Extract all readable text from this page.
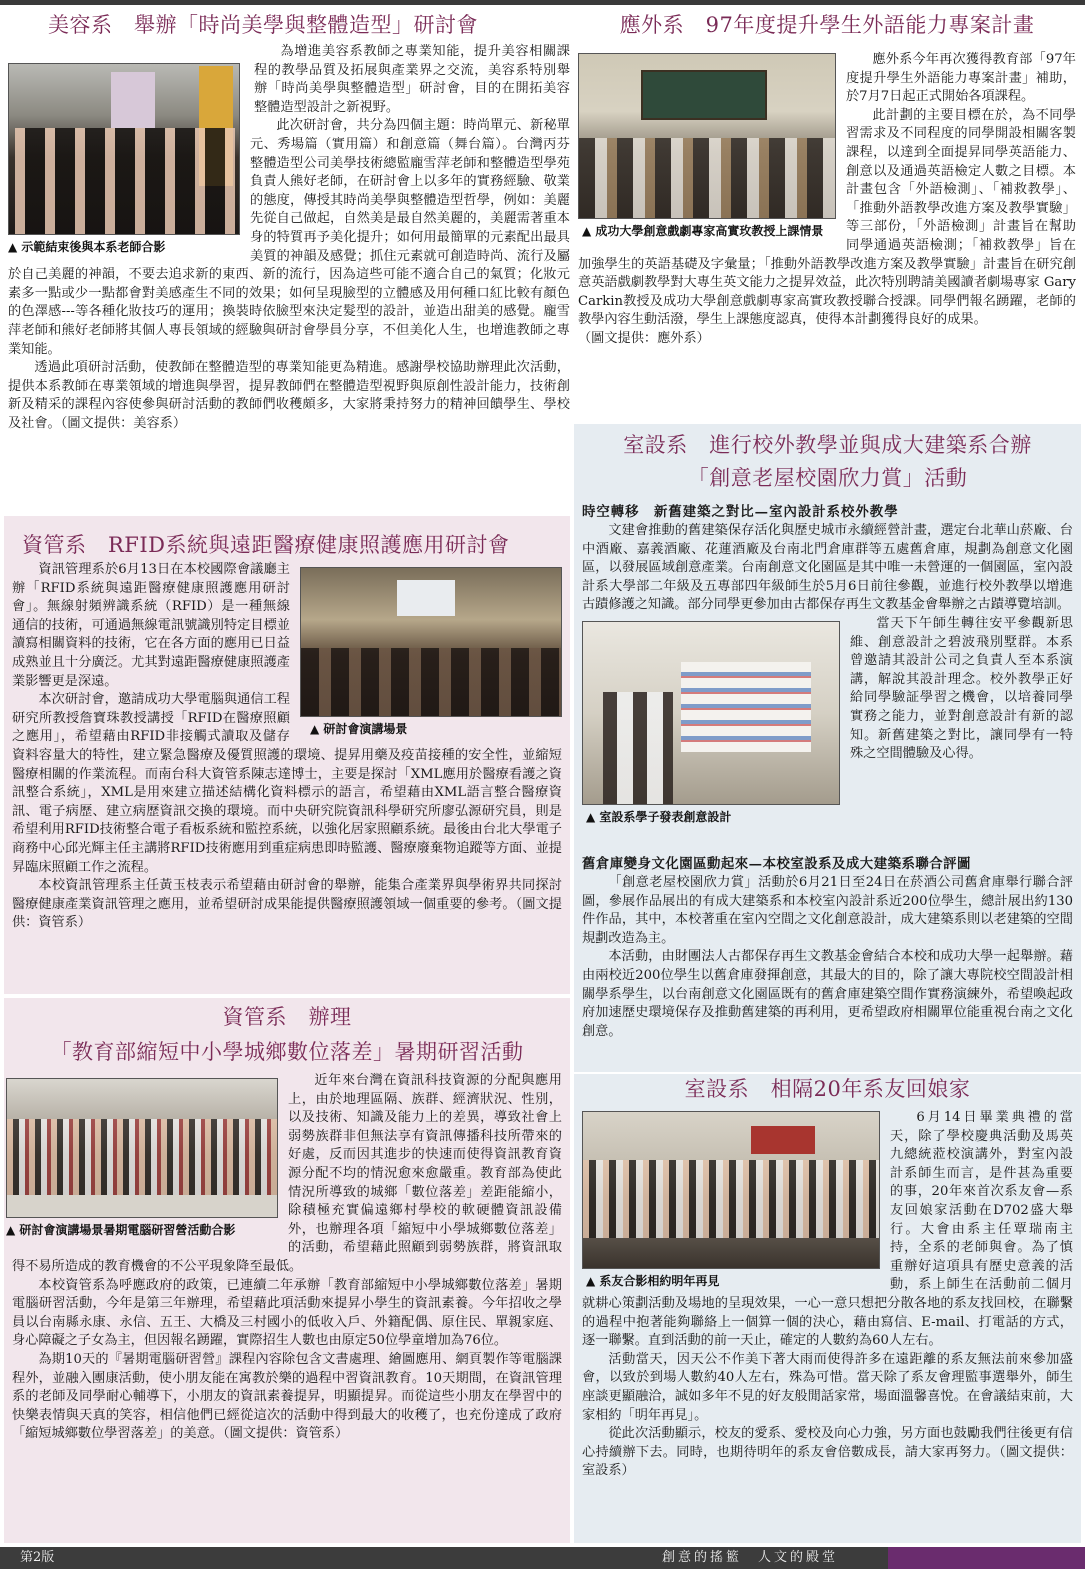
美容系　舉辦「時尚美學與整體造型」研討會
▲ 示範結束後與本系老師合影

為增進美容系教師之專業知能，提升美容相關課程的教學品質及拓展與產業界之交流，美容系特別舉辦「時尚美學與整體造型」研討會，目的在開拓美容整體造型設計之新視野。

此次研討會，共分為四個主題：時尚單元、新秘單元、秀場篇（實用篇）和創意篇（舞台篇）。台灣丙芬整體造型公司美學技術總監龐雪萍老師和整體造型學苑負責人熊好老師，在研討會上以多年的實務經驗、敬業的態度，傳授其時尚美學與整體造型哲學，例如：美麗先從自己做起，自然美是最自然美麗的，美麗需著重本身的特質再予美化提升；如何用最簡單的元素配出最具美質的神韻及感覺；抓住元素就可創造時尚、流行及屬於自己美麗的神韻，不要去追求新的東西、新的流行，因為這些可能不適合自己的氣質；化妝元素多一點或少一點都會對美感產生不同的效果；如何呈現臉型的立體感及用何種口紅比較有顏色的色澤感---等各種化妝技巧的運用；換裝時依臉型來決定髮型的設計，並造出甜美的感覺。龐雪萍老師和熊好老師將其個人專長領域的經驗與研討會學員分享，不但美化人生，也增進教師之專業知能。

透過此項研討活動，使教師在整體造型的專業知能更為精進。感謝學校協助辦理此次活動，提供本系教師在專業領域的增進與學習，提昇教師們在整體造型視野與原創性設計能力，技術創新及精采的課程內容使參與研討活動的教師們收穫頗多，大家將秉持努力的精神回饋學生、學校及社會。（圖文提供：美容系）

應外系　97年度提升學生外語能力專案計畫
▲ 成功大學創意戲劇專家高實玫教授上課情景

應外系今年再次獲得教育部「97年度提升學生外語能力專案計畫」補助，於7月7日起正式開始各項課程。

此計劃的主要目標在於，為不同學習需求及不同程度的同學開設相關客製課程，以達到全面提昇同學英語能力、創意以及通過英語檢定人數之目標。本計畫包含「外語檢測」、「補救教學」、「推動外語教學改進方案及教學實驗」等三部份，「外語檢測」計畫旨在幫助同學通過英語檢測；「補救教學」旨在加強學生的英語基礎及字彙量；「推動外語教學改進方案及教學實驗」計畫旨在研究創意英語戲劇教學對大專生英文能力之提昇效益，此次特別聘請美國讀者劇場專家 Gary Carkin教授及成功大學創意戲劇專家高實玫教授聯合授課。同學們報名踴躍，老師的教學內容生動活潑，學生上課態度認真，使得本計劃獲得良好的成果。

（圖文提供：應外系）

資管系　RFID系統與遠距醫療健康照護應用研討會
▲ 研討會演講場景

資訊管理系於6月13日在本校國際會議廳主辦「RFID系統與遠距醫療健康照護應用研討會」。無線射頻辨識系統（RFID）是一種無線通信的技術，可通過無線電訊號識別特定目標並讀寫相關資料的技術，它在各方面的應用已日益成熟並且十分廣泛。尤其對遠距醫療健康照護產業影響更是深遠。

本次研討會，邀請成功大學電腦與通信工程研究所教授詹寶珠教授講授「RFID在醫療照顧之應用」，希望藉由RFID非接觸式讀取及儲存資料容量大的特性，建立緊急醫療及優質照護的環境、提昇用藥及疫苗接種的安全性，並縮短醫療相關的作業流程。而南台科大資管系陳志達博士，主要是探討「XML應用於醫療看護之資訊整合系統」，XML是用來建立描述結構化資料標示的語言，希望藉由XML語言整合醫療資訊、電子病歷、建立病歷資訊交換的環境。而中央研究院資訊科學研究所廖弘源研究員，則是希望利用RFID技術整合電子看板系統和監控系統，以強化居家照顧系統。最後由台北大學電子商務中心邱光輝主任主講將RFID技術應用到重症病患即時監護、醫療廢棄物追蹤等方面、並提昇臨床照顧工作之流程。

本校資訊管理系主任黃玉枝表示希望藉由研討會的舉辦，能集合產業界與學術界共同探討醫療健康產業資訊管理之應用，並希望研討成果能提供醫療照護領域一個重要的參考。（圖文提供：資管系）

資管系　辦理
「教育部縮短中小學城鄉數位落差」暑期研習活動
▲ 研討會演講場景暑期電腦研習營活動合影

近年來台灣在資訊科技資源的分配與應用上，由於地理區隔、族群、經濟狀況、性別，以及技術、知識及能力上的差異，導致社會上弱勢族群非但無法享有資訊傳播科技所帶來的好處，反而因其進步的快速而使得資訊教育資源分配不均的情況愈來愈嚴重。教育部為使此情況所導致的城鄉「數位落差」差距能縮小，除積極充實偏遠鄉村學校的軟硬體資訊設備外，也辦理各項「縮短中小學城鄉數位落差」的活動，希望藉此照顧到弱勢族群，將資訊取得不易所造成的教育機會的不公平現象降至最低。

本校資管系為呼應政府的政策，已連續二年承辦「教育部縮短中小學城鄉數位落差」暑期電腦研習活動，今年是第三年辦理，希望藉此項活動來提昇小學生的資訊素養。今年招收之學員以台南縣永康、永信、五王、大橋及三村國小的低收入戶、外籍配偶、原住民、單親家庭、身心障礙之子女為主，但因報名踴躍，實際招生人數也由原定50位學童增加為76位。

為期10天的『暑期電腦研習營』課程內容除包含文書處理、繪圖應用、網頁製作等電腦課程外，並融入團康活動，使小朋友能在寓教於樂的過程中習資訊教育。10天期間，在資訊管理系的老師及同學耐心輔導下，小朋友的資訊素養提昇，明顯提昇。而從這些小朋友在學習中的快樂表情與天真的笑容，相信他們已經從這次的活動中得到最大的收穫了，也充份達成了政府「縮短城鄉數位學習落差」的美意。（圖文提供：資管系）

室設系　進行校外教學並與成大建築系合辦
「創意老屋校園欣力賞」活動
時空轉移　新舊建築之對比—室內設計系校外教學

文建會推動的舊建築保存活化與歷史城市永續經營計畫，選定台北華山菸廠、台中酒廠、嘉義酒廠、花蓮酒廠及台南北門倉庫群等五處舊倉庫，規劃為創意文化園區，以發展區域創意產業。台南創意文化園區是其中唯一未營運的一個園區，室內設計系大學部二年級及五專部四年級師生於5月6日前往參觀，並進行校外教學以增進古蹟修護之知識。部分同學更參加由古都保存再生文教基金會舉辦之古蹟導覽培訓。

▲ 室設系學子發表創意設計

當天下午師生轉往安平參觀新思維、創意設計之碧波飛別墅群。本系曾邀請其設計公司之負責人至本系演講，解說其設計理念。校外教學正好給同學驗証學習之機會，以培養同學實務之能力，並對創意設計有新的認知。新舊建築之對比，讓同學有一特殊之空間體驗及心得。

舊倉庫變身文化園區動起來—本校室設系及成大建築系聯合評圖

「創意老屋校園欣力賞」活動於6月21日至24日在菸酒公司舊倉庫舉行聯合評圖，參展作品展出的有成大建築系和本校室內設計系近200位學生，總計展出約130件作品，其中，本校著重在室內空間之文化創意設計，成大建築系則以老建築的空間規劃改造為主。

本活動，由財團法人古都保存再生文教基金會結合本校和成功大學一起舉辦。藉由兩校近200位學生以舊倉庫發揮創意，其最大的目的，除了讓大專院校空間設計相關學系學生，以台南創意文化園區既有的舊倉庫建築空間作實務演練外，希望喚起政府加速歷史環境保存及推動舊建築的再利用，更希望政府相關單位能重視台南之文化創意。

室設系　相隔20年系友回娘家
▲ 系友合影相約明年再見

6月14日畢業典禮的當天，除了學校慶典活動及馬英九總統蒞校演講外，對室內設計系師生而言，是件甚為重要的事，20年來首次系友會—系友回娘家活動在D702盛大舉行。大會由系主任覃瑞南主持，全系的老師與會。為了慎重辦好這項具有歷史意義的活動，系上師生在活動前二個月就耕心策劃活動及場地的呈現效果，一心一意只想把分散各地的系友找回校，在聯繫的過程中抱著能夠聯絡上一個算一個的決心，藉由寫信、E-mail、打電話的方式，逐一聯繫。直到活動的前一天止，確定的人數約為60人左右。

活動當天，因天公不作美下著大雨而使得許多在遠距離的系友無法前來參加盛會，以致於到場人數約40人左右，殊為可惜。當天除了系友會理監事選舉外，師生座談更顯融洽，誠如多年不見的好友般閒話家常，場面溫馨喜悅。在會議結束前，大家相約「明年再見」。

從此次活動顯示，校友的愛系、愛校及向心力強，另方面也鼓勵我們往後更有信心持續辦下去。同時，也期待明年的系友會倍數成長，請大家再努力。（圖文提供：室設系）

第2版	創意的搖籃　人文的殿堂
